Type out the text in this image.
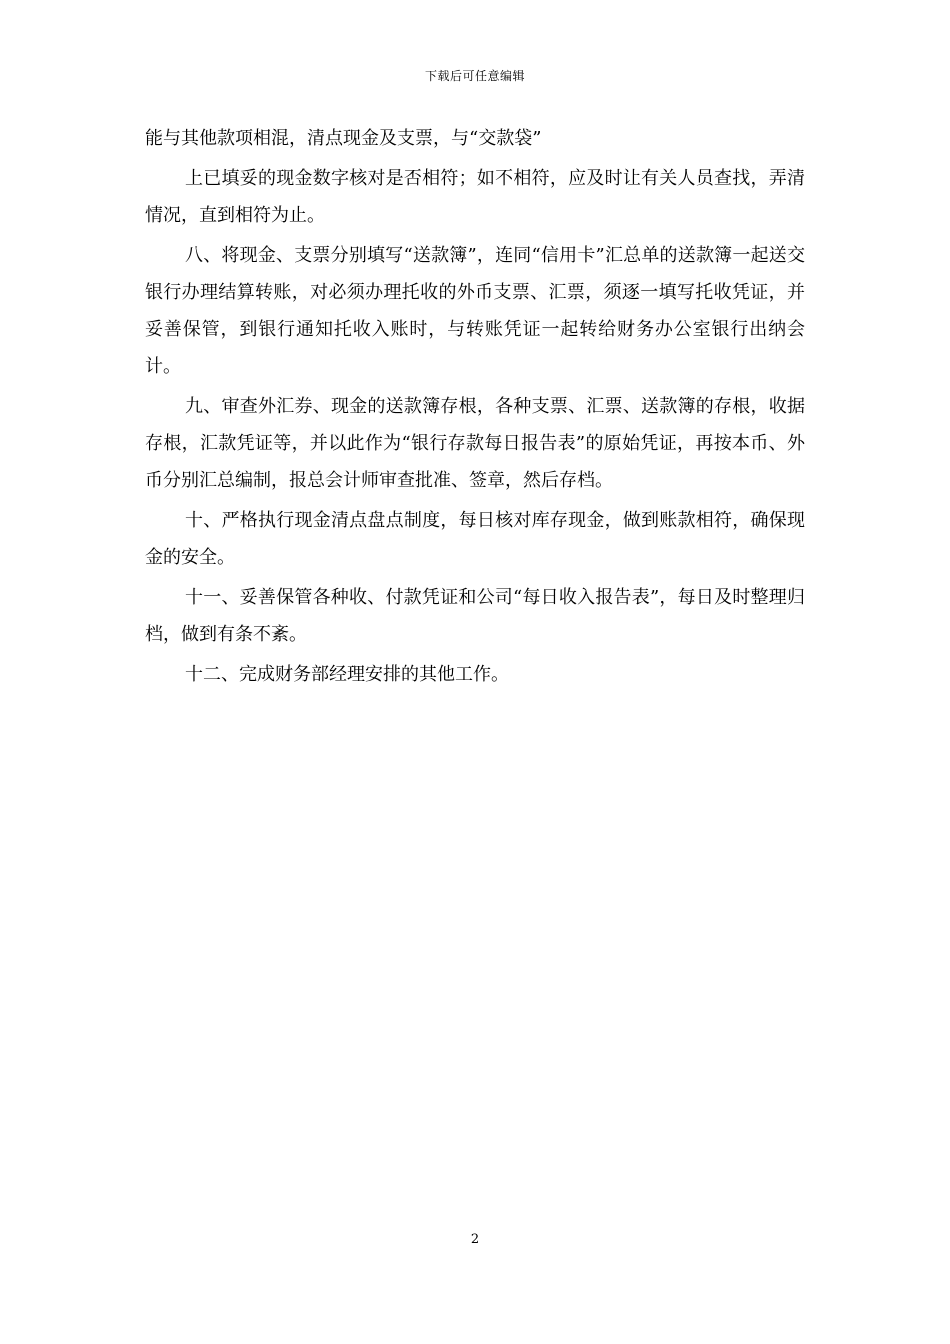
下载后可任意编辑

能与其他款项相混，清点现金及支票，与“交款袋”

上已填妥的现金数字核对是否相符；如不相符，应及时让有关人员查找，弄清情况，直到相符为止。

八、将现金、支票分别填写“送款簿”，连同“信用卡”汇总单的送款簿一起送交银行办理结算转账，对必须办理托收的外币支票、汇票，须逐一填写托收凭证，并妥善保管，到银行通知托收入账时，与转账凭证一起转给财务办公室银行出纳会计。

九、审查外汇券、现金的送款簿存根，各种支票、汇票、送款簿的存根，收据存根，汇款凭证等，并以此作为“银行存款每日报告表”的原始凭证，再按本币、外币分别汇总编制，报总会计师审查批准、签章，然后存档。

十、严格执行现金清点盘点制度，每日核对库存现金，做到账款相符，确保现金的安全。

十一、妥善保管各种收、付款凭证和公司“每日收入报告表”，每日及时整理归档，做到有条不紊。

十二、完成财务部经理安排的其他工作。

2
